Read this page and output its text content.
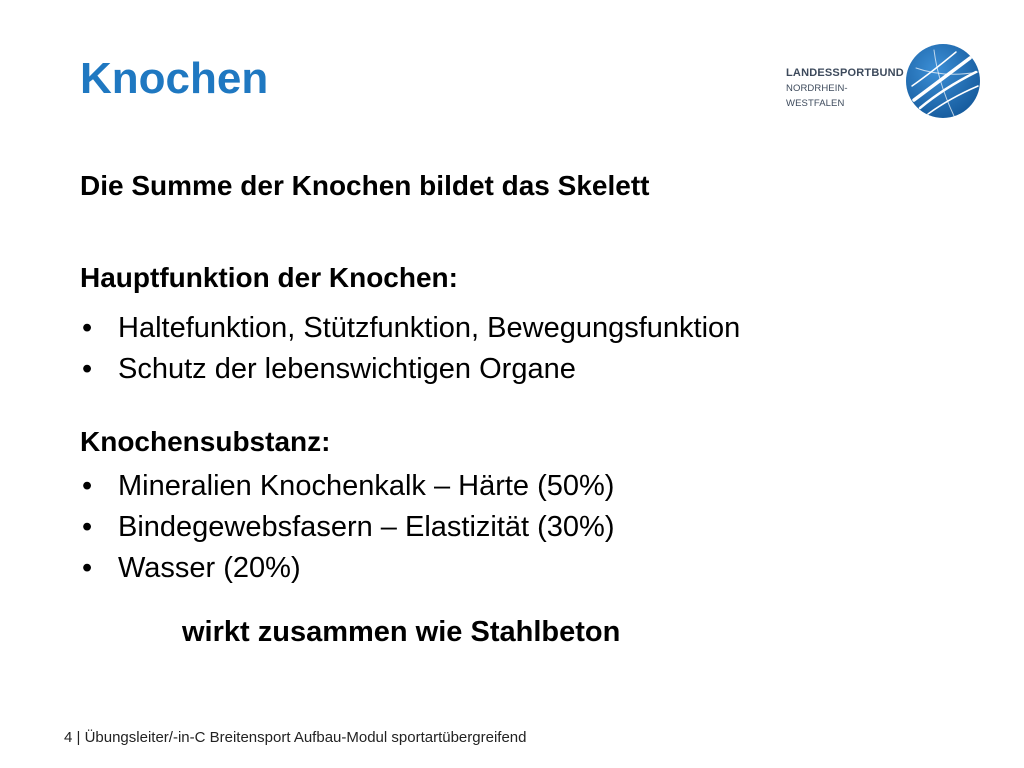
Knochen	LANDESSPORTBUND
NORDRHEIN-WESTFALEN

Die Summe der Knochen bildet das Skelett

Hauptfunktion der Knochen:

• Haltefunktion, Stützfunktion, Bewegungsfunktion
• Schutz der lebenswichtigen Organe

Knochensubstanz:

• Mineralien Knochenkalk – Härte (50%)
• Bindegewebsfasern – Elastizität (30%)
• Wasser (20%)

wirkt zusammen wie Stahlbeton

4 | Übungsleiter/-in-C Breitensport Aufbau-Modul sportartübergreifend
